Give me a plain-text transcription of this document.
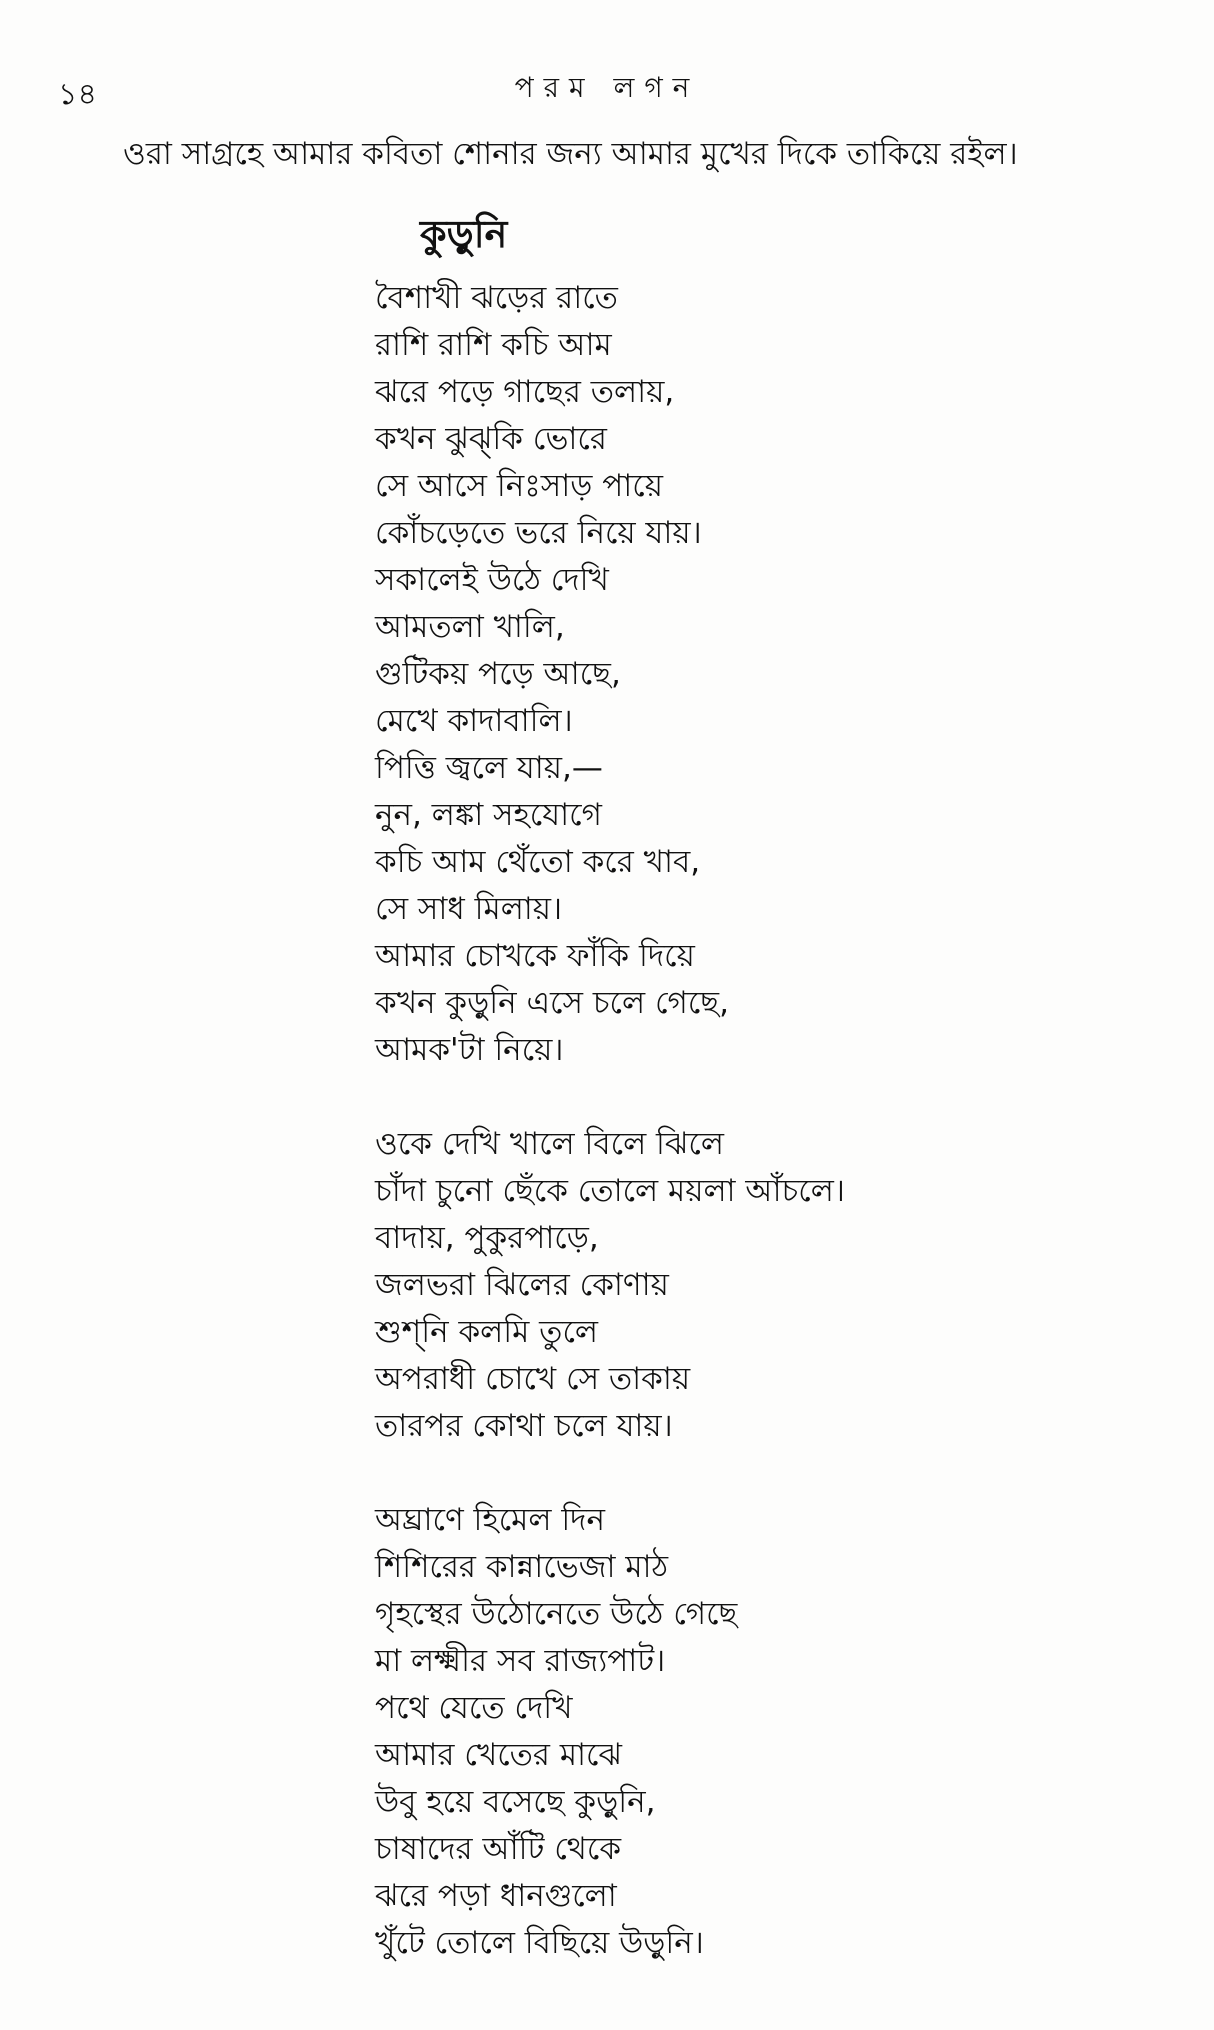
১৪	পরম লগন
ওরা সাগ্রহে আমার কবিতা শোনার জন্য আমার মুখের দিকে তাকিয়ে রইল।
কুড়ুনি
বৈশাখী ঝড়ের রাতে
রাশি রাশি কচি আম
ঝরে পড়ে গাছের তলায়,
কখন ঝুঝ্‌কি ভোরে
সে আসে নিঃসাড় পায়ে
কোঁচড়েতে ভরে নিয়ে যায়।
সকালেই উঠে দেখি
আমতলা খালি,
গুটিকয় পড়ে আছে,
মেখে কাদাবালি।
পিত্তি জ্বলে যায়,—
নুন, লঙ্কা সহযোগে
কচি আম থেঁতো করে খাব,
সে সাধ মিলায়।
আমার চোখকে ফাঁকি দিয়ে
কখন কুড়ুনি এসে চলে গেছে,
আমক'টা নিয়ে।
ওকে দেখি খালে বিলে ঝিলে
চাঁদা চুনো ছেঁকে তোলে ময়লা আঁচলে।
বাদায়, পুকুরপাড়ে,
জলভরা ঝিলের কোণায়
শুশ্‌নি কলমি তুলে
অপরাধী চোখে সে তাকায়
তারপর কোথা চলে যায়।
অঘ্রাণে হিমেল দিন
শিশিরের কান্নাভেজা মাঠ
গৃহস্থের উঠোনেতে উঠে গেছে
মা লক্ষ্মীর সব রাজ্যপাট।
পথে যেতে দেখি
আমার খেতের মাঝে
উবু হয়ে বসেছে কুড়ুনি,
চাষাদের আঁটি থেকে
ঝরে পড়া ধানগুলো
খুঁটে তোলে বিছিয়ে উড়ুনি।
